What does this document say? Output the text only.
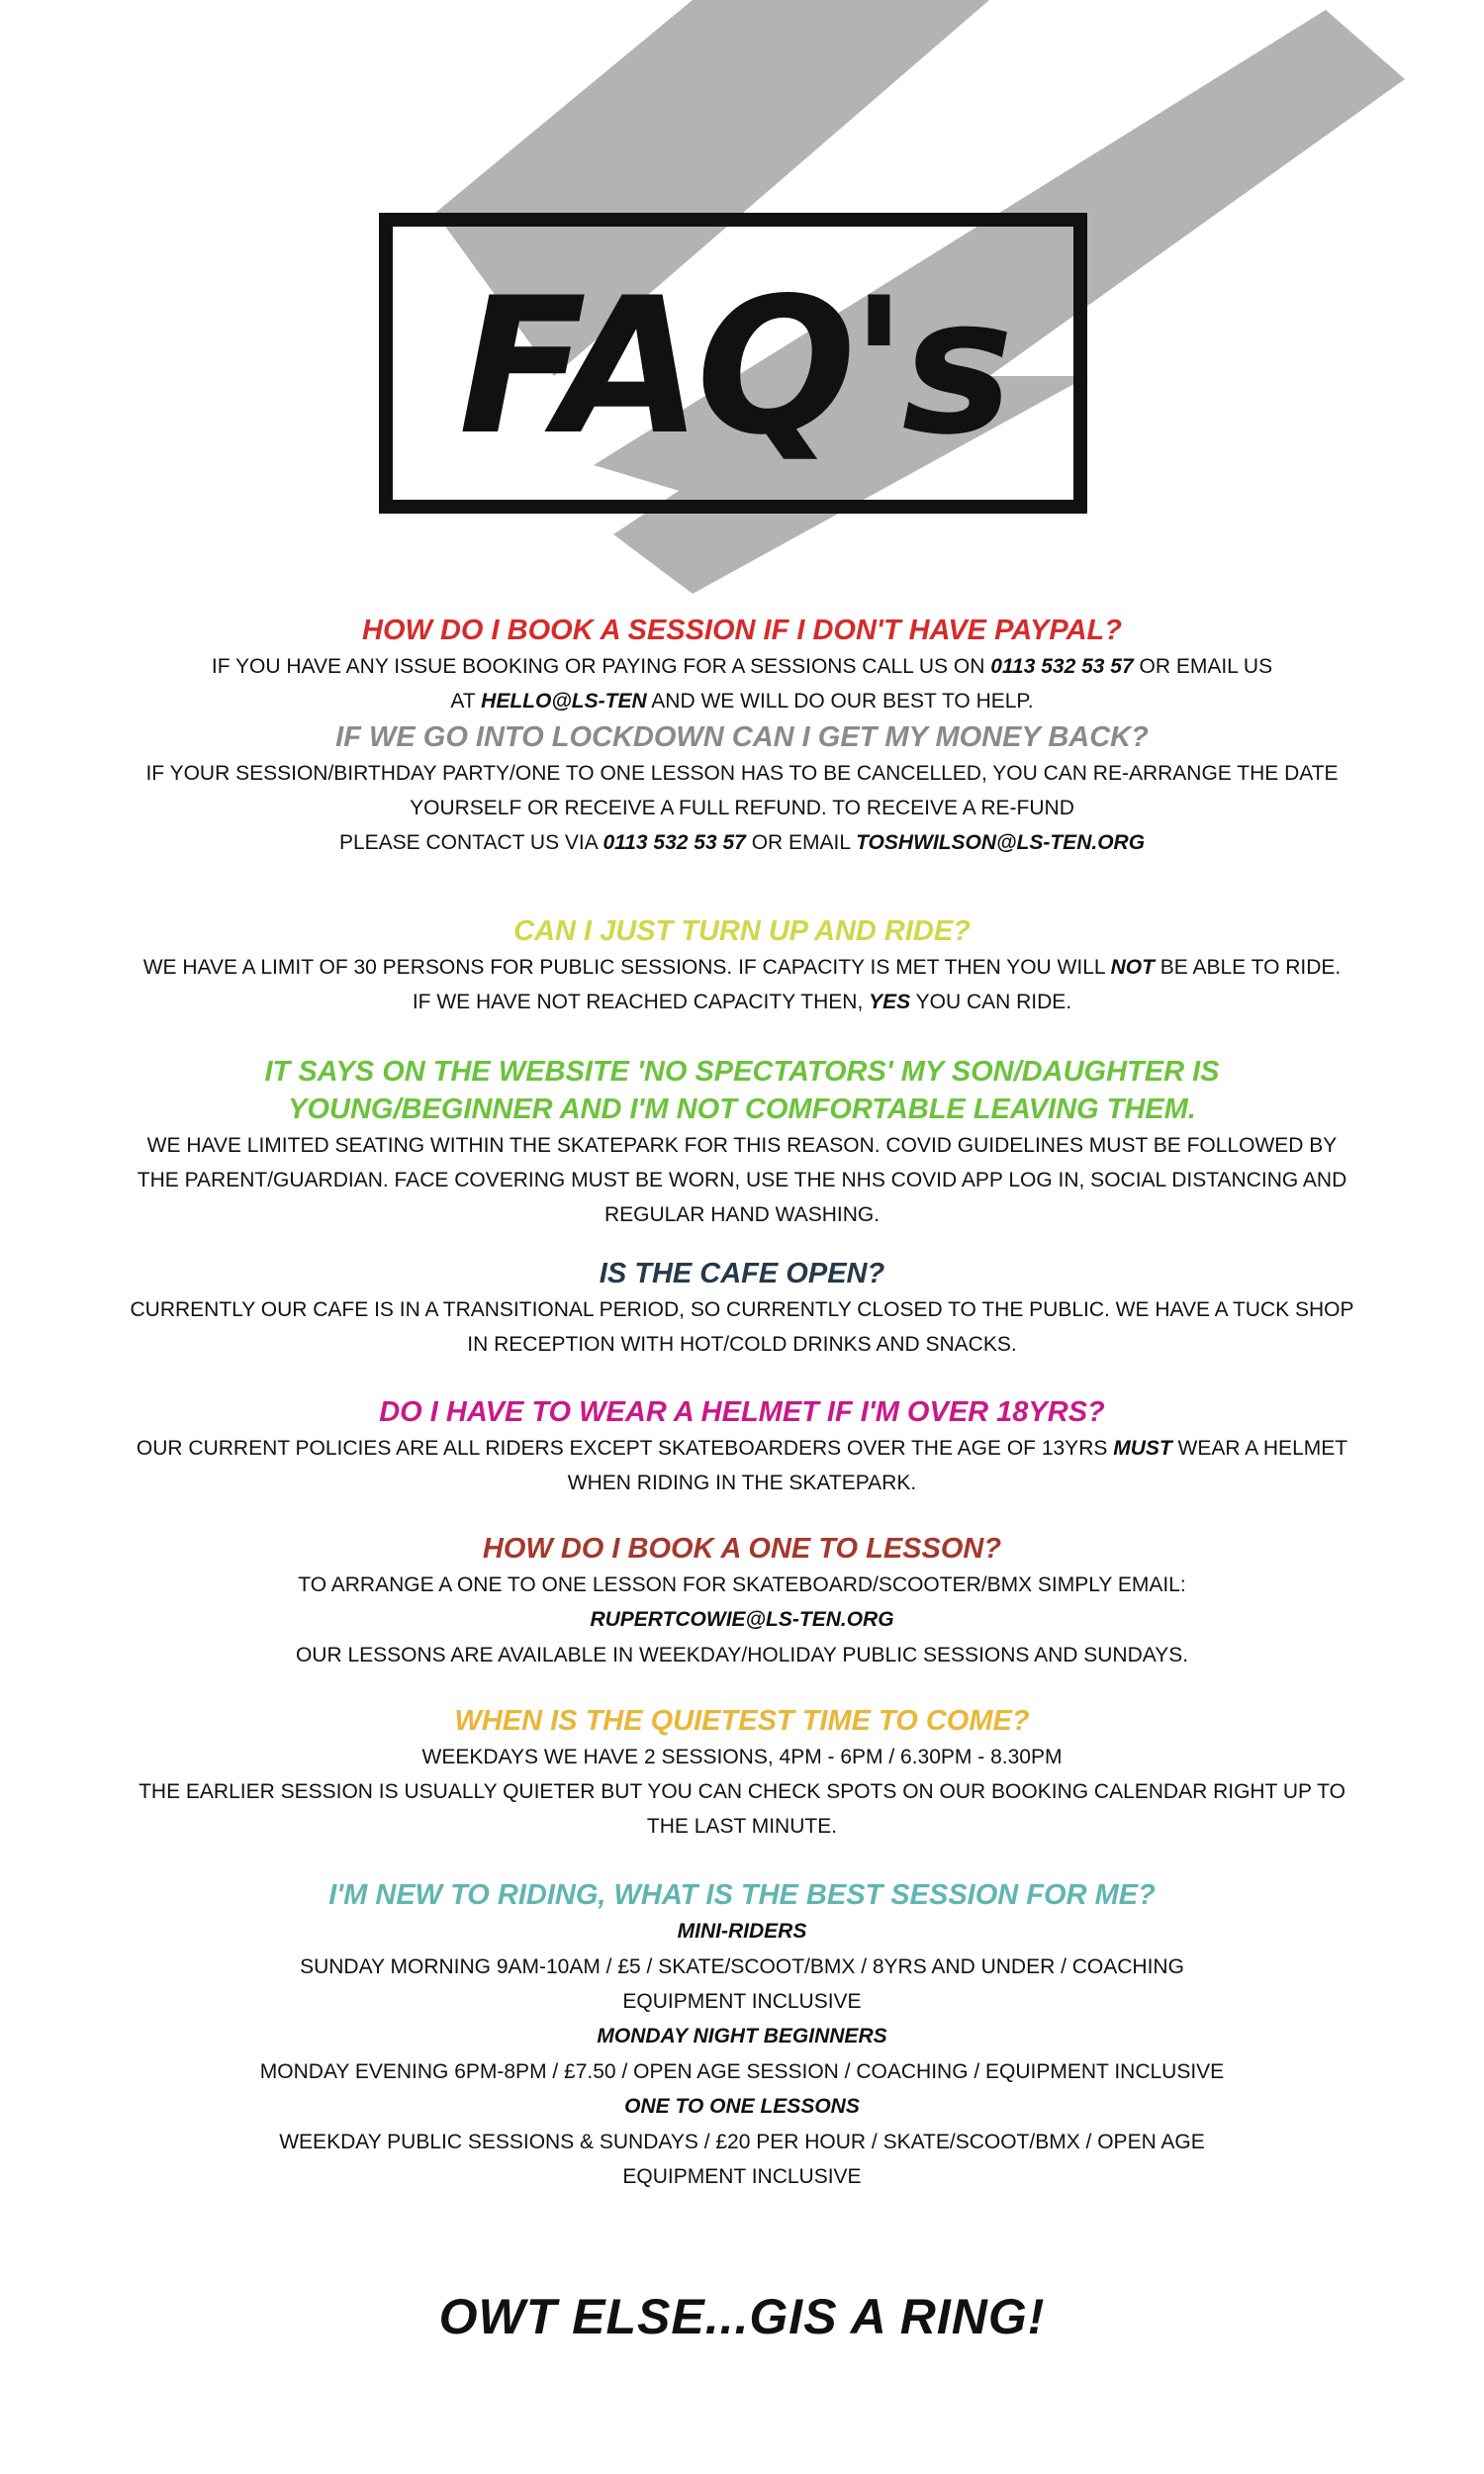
FAQ's

HOW DO I BOOK A SESSION IF I DON'T HAVE PAYPAL?

IF YOU HAVE ANY ISSUE BOOKING OR PAYING FOR A SESSIONS CALL US ON 0113 532 53 57 OR EMAIL US

AT HELLO@LS-TEN AND WE WILL DO OUR BEST TO HELP.

IF WE GO INTO LOCKDOWN CAN I GET MY MONEY BACK?

IF YOUR SESSION/BIRTHDAY PARTY/ONE TO ONE LESSON HAS TO BE CANCELLED, YOU CAN RE-ARRANGE THE DATE

YOURSELF OR RECEIVE A FULL REFUND. TO RECEIVE A RE-FUND

PLEASE CONTACT US VIA 0113 532 53 57 OR EMAIL TOSHWILSON@LS-TEN.ORG

CAN I JUST TURN UP AND RIDE?

WE HAVE A LIMIT OF 30 PERSONS FOR PUBLIC SESSIONS. IF CAPACITY IS MET THEN YOU WILL NOT BE ABLE TO RIDE.

IF WE HAVE NOT REACHED CAPACITY THEN, YES YOU CAN RIDE.

IT SAYS ON THE WEBSITE 'NO SPECTATORS' MY SON/DAUGHTER IS YOUNG/BEGINNER AND I'M NOT COMFORTABLE LEAVING THEM.

WE HAVE LIMITED SEATING WITHIN THE SKATEPARK FOR THIS REASON. COVID GUIDELINES MUST BE FOLLOWED BY

THE PARENT/GUARDIAN. FACE COVERING MUST BE WORN, USE THE NHS COVID APP LOG IN, SOCIAL DISTANCING AND

REGULAR HAND WASHING.

IS THE CAFE OPEN?

CURRENTLY OUR CAFE IS IN A TRANSITIONAL PERIOD, SO CURRENTLY CLOSED TO THE PUBLIC. WE HAVE A TUCK SHOP

IN RECEPTION WITH HOT/COLD DRINKS AND SNACKS.

DO I HAVE TO WEAR A HELMET IF I'M OVER 18YRS?

OUR CURRENT POLICIES ARE ALL RIDERS EXCEPT SKATEBOARDERS OVER THE AGE OF 13YRS MUST WEAR A HELMET

WHEN RIDING IN THE SKATEPARK.

HOW DO I BOOK A ONE TO LESSON?

TO ARRANGE A ONE TO ONE LESSON FOR SKATEBOARD/SCOOTER/BMX SIMPLY EMAIL:

RUPERTCOWIE@LS-TEN.ORG

OUR LESSONS ARE AVAILABLE IN WEEKDAY/HOLIDAY PUBLIC SESSIONS AND SUNDAYS.

WHEN IS THE QUIETEST TIME TO COME?

WEEKDAYS WE HAVE 2 SESSIONS, 4PM - 6PM / 6.30PM - 8.30PM

THE EARLIER SESSION IS USUALLY QUIETER BUT YOU CAN CHECK SPOTS ON OUR BOOKING CALENDAR RIGHT UP TO

THE LAST MINUTE.

I'M NEW TO RIDING, WHAT IS THE BEST SESSION FOR ME?

MINI-RIDERS

SUNDAY MORNING 9AM-10AM / £5 / SKATE/SCOOT/BMX / 8YRS AND UNDER / COACHING

EQUIPMENT INCLUSIVE

MONDAY NIGHT BEGINNERS

MONDAY EVENING 6PM-8PM / £7.50 / OPEN AGE SESSION / COACHING / EQUIPMENT INCLUSIVE

ONE TO ONE LESSONS

WEEKDAY PUBLIC SESSIONS & SUNDAYS / £20 PER HOUR / SKATE/SCOOT/BMX / OPEN AGE

EQUIPMENT INCLUSIVE

OWT ELSE...GIS A RING!
